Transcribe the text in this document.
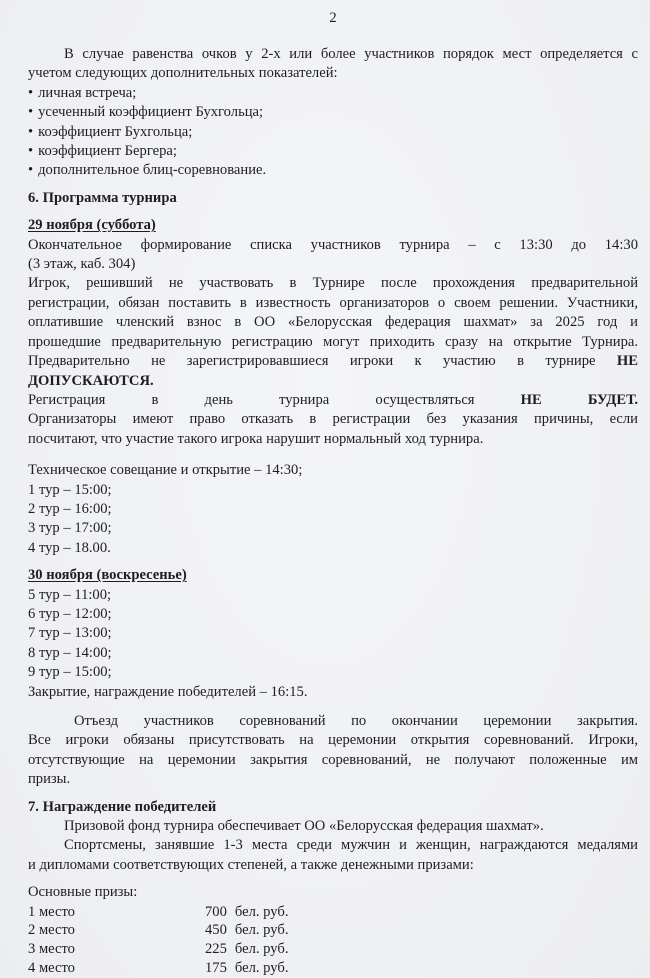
2
В случае равенства очков у 2-х или более участников порядок мест определяется с
учетом следующих дополнительных показателей:
• личная встреча;
• усеченный коэффициент Бухгольца;
• коэффициент Бухгольца;
• коэффициент Бергера;
• дополнительное блиц-соревнование.
6. Программа турнира
29 ноября (суббота)
Окончательное формирование списка участников турнира – с 13:30 до 14:30
(3 этаж, каб. 304)
Игрок, решивший не участвовать в Турнире после прохождения предварительной
регистрации, обязан поставить в известность организаторов о своем решении. Участники,
оплатившие членский взнос в ОО «Белорусская федерация шахмат» за 2025 год и
прошедшие предварительную регистрацию могут приходить сразу на открытие Турнира.
Предварительно не зарегистрировавшиеся игроки к участию в турнире НЕ
ДОПУСКАЮТСЯ.
Регистрация в день турнира осуществляться НЕ БУДЕТ.
Организаторы имеют право отказать в регистрации без указания причины, если
посчитают, что участие такого игрока нарушит нормальный ход турнира.
Техническое совещание и открытие – 14:30;
1 тур – 15:00;
2 тур – 16:00;
3 тур – 17:00;
4 тур – 18.00.
30 ноября (воскресенье)
5 тур – 11:00;
6 тур – 12:00;
7 тур – 13:00;
8 тур – 14:00;
9 тур – 15:00;
Закрытие, награждение победителей – 16:15.
Отъезд участников соревнований по окончании церемонии закрытия.
Все игроки обязаны присутствовать на церемонии открытия соревнований. Игроки,
отсутствующие на церемонии закрытия соревнований, не получают положенные им
призы.
7. Награждение победителей
Призовой фонд турнира обеспечивает ОО «Белорусская федерация шахмат».
Спортсмены, занявшие 1-3 места среди мужчин и женщин, награждаются медалями
и дипломами соответствующих степеней, а также денежными призами:
Основные призы:
1 место	700 бел. руб.
2 место	450 бел. руб.
3 место	225 бел. руб.
4 место	175 бел. руб.
